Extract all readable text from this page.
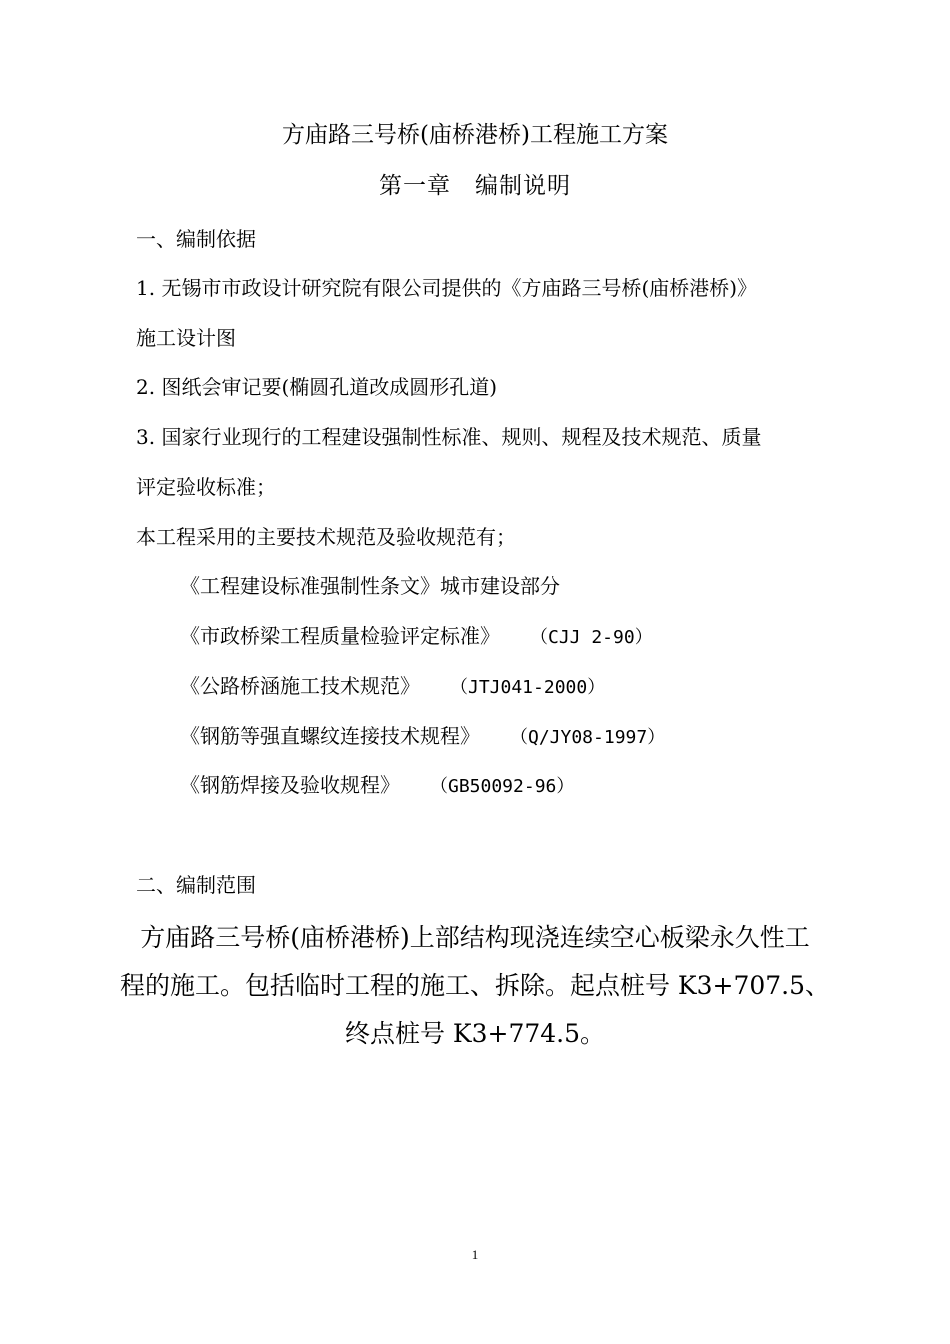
方庙路三号桥(庙桥港桥)工程施工方案
第一章　编制说明
一、编制依据
1. 无锡市市政设计研究院有限公司提供的《方庙路三号桥(庙桥港桥)》
施工设计图
2. 图纸会审记要(椭圆孔道改成圆形孔道)
3. 国家行业现行的工程建设强制性标准、规则、规程及技术规范、质量
评定验收标准；
本工程采用的主要技术规范及验收规范有；
《工程建设标准强制性条文》城市建设部分
《市政桥梁工程质量检验评定标准》 （CJJ 2-90）
《公路桥涵施工技术规范》 （JTJ041-2000）
《钢筋等强直螺纹连接技术规程》 （Q/JY08-1997）
《钢筋焊接及验收规程》 （GB50092-96）
二、编制范围
方庙路三号桥(庙桥港桥)上部结构现浇连续空心板梁永久性工
程的施工。包括临时工程的施工、拆除。起点桩号 K3+707.5、
终点桩号 K3+774.5。
1
